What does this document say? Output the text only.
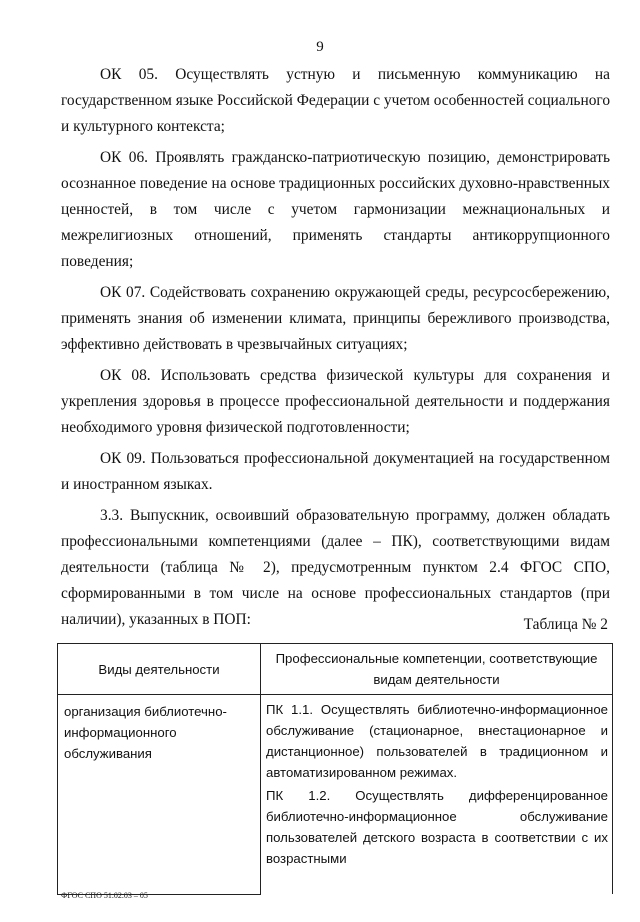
9

ОК 05. Осуществлять устную и письменную коммуникацию на государственном языке Российской Федерации с учетом особенностей социального и культурного контекста;

ОК 06. Проявлять гражданско-патриотическую позицию, демонстрировать осознанное поведение на основе традиционных российских духовно-нравственных ценностей, в том числе с учетом гармонизации межнациональных и межрелигиозных отношений, применять стандарты антикоррупционного поведения;

ОК 07. Содействовать сохранению окружающей среды, ресурсосбережению, применять знания об изменении климата, принципы бережливого производства, эффективно действовать в чрезвычайных ситуациях;

ОК 08. Использовать средства физической культуры для сохранения и укрепления здоровья в процессе профессиональной деятельности и поддержания необходимого уровня физической подготовленности;

ОК 09. Пользоваться профессиональной документацией на государственном и иностранном языках.

3.3. Выпускник, освоивший образовательную программу, должен обладать профессиональными компетенциями (далее – ПК), соответствующими видам деятельности (таблица № 2), предусмотренным пунктом 2.4 ФГОС СПО, сформированными в том числе на основе профессиональных стандартов (при наличии), указанных в ПОП:	Таблица № 2
Виды деятельности	Профессиональные компетенции, соответствующие видам деятельности
организация библиотечно-информационного обслуживания	ПК 1.1. Осуществлять библиотечно-информационное обслуживание (стационарное, внестационарное и дистанционное) пользователей в традиционном и автоматизированном режимах.

ПК 1.2. Осуществлять дифференцированное библиотечно-информационное обслуживание пользователей детского возраста в соответствии с их возрастными

ФГОС СПО 51.02.03 – 05
